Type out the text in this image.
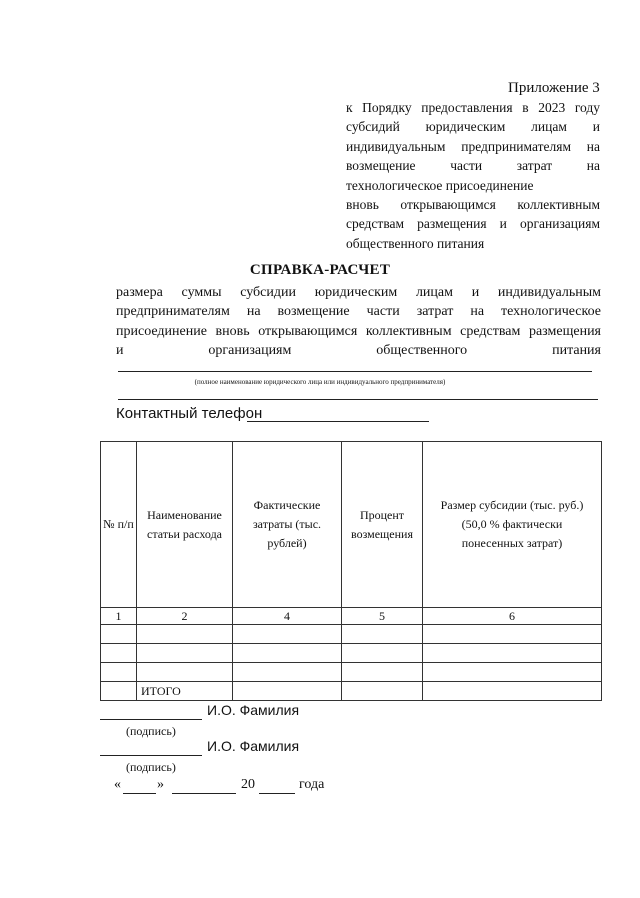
Приложение 3
к Порядку предоставления в 2023 году
субсидий юридическим лицам и
индивидуальным предпринимателям на
возмещение части затрат на
технологическое присоединение
вновь открывающимся коллективным
средствам размещения и организациям
общественного питания
СПРАВКА-РАСЧЕТ
размера суммы субсидии юридическим лицам и индивидуальным
предпринимателям на возмещение части затрат на технологическое
присоединение вновь открывающимся коллективным средствам размещения
и организациям общественного питания
(полное наименование юридического лица или индивидуального предпринимателя)
Контактный телефон
№ п/п	Наименование статьи расхода	Фактические затраты (тыс. рублей)	Процент возмещения	Размер субсидии (тыс. руб.) (50,0 % фактически понесенных затрат)
1	2	4	5	6

	ИТОГО			
И.О. Фамилия
(подпись)
И.О. Фамилия
(подпись)
«	»	20	года
